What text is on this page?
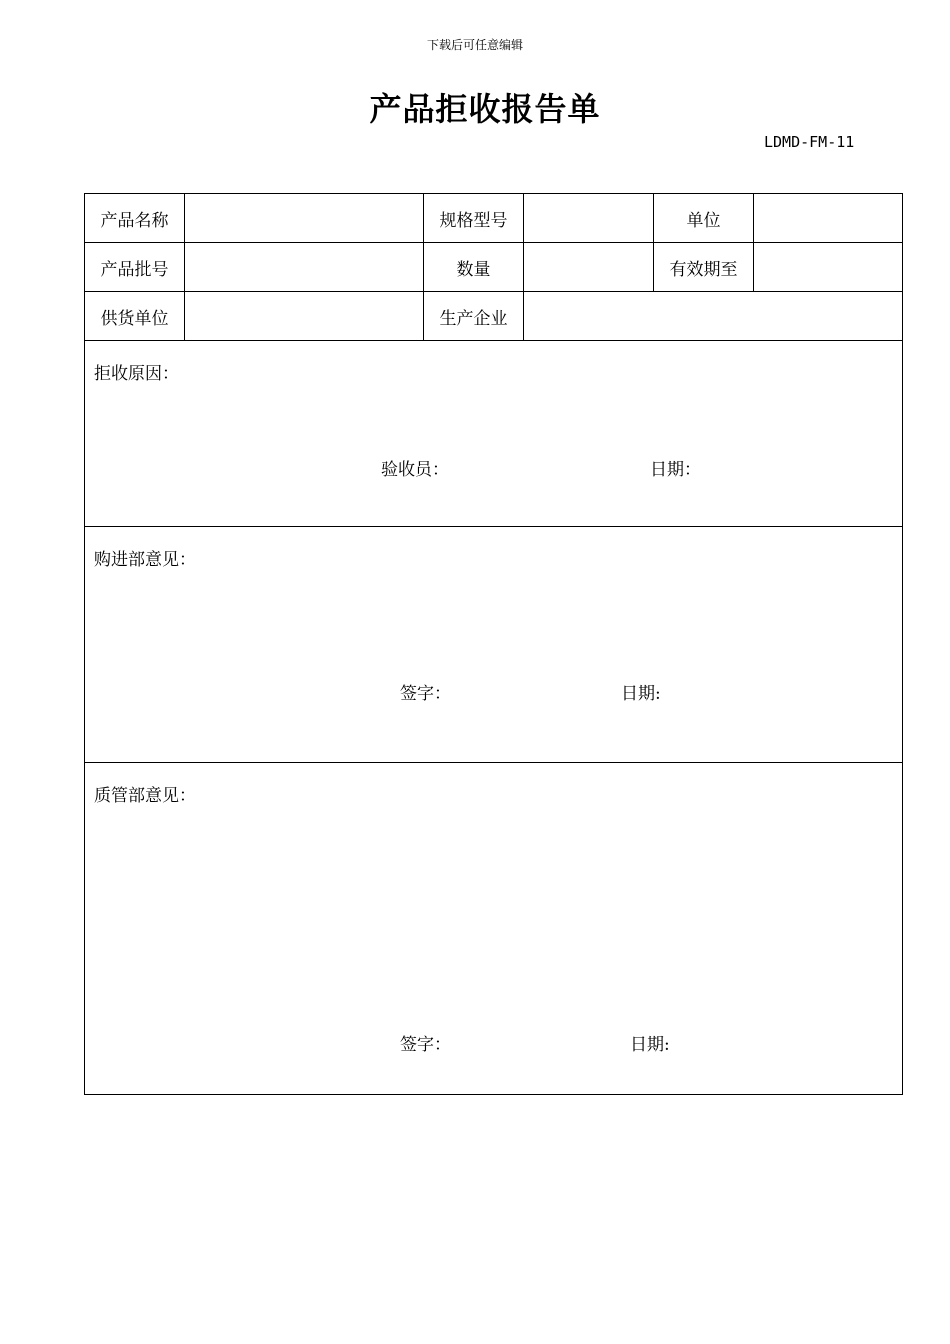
下载后可任意编辑
产品拒收报告单
LDMD-FM-11
产品名称		规格型号		单位	
产品批号		数量		有效期至	
供货单位		生产企业			

拒收原因：
验收员： 日期：					

购进部意见：
签字： 日期:					

质管部意见：
签字： 日期:					
